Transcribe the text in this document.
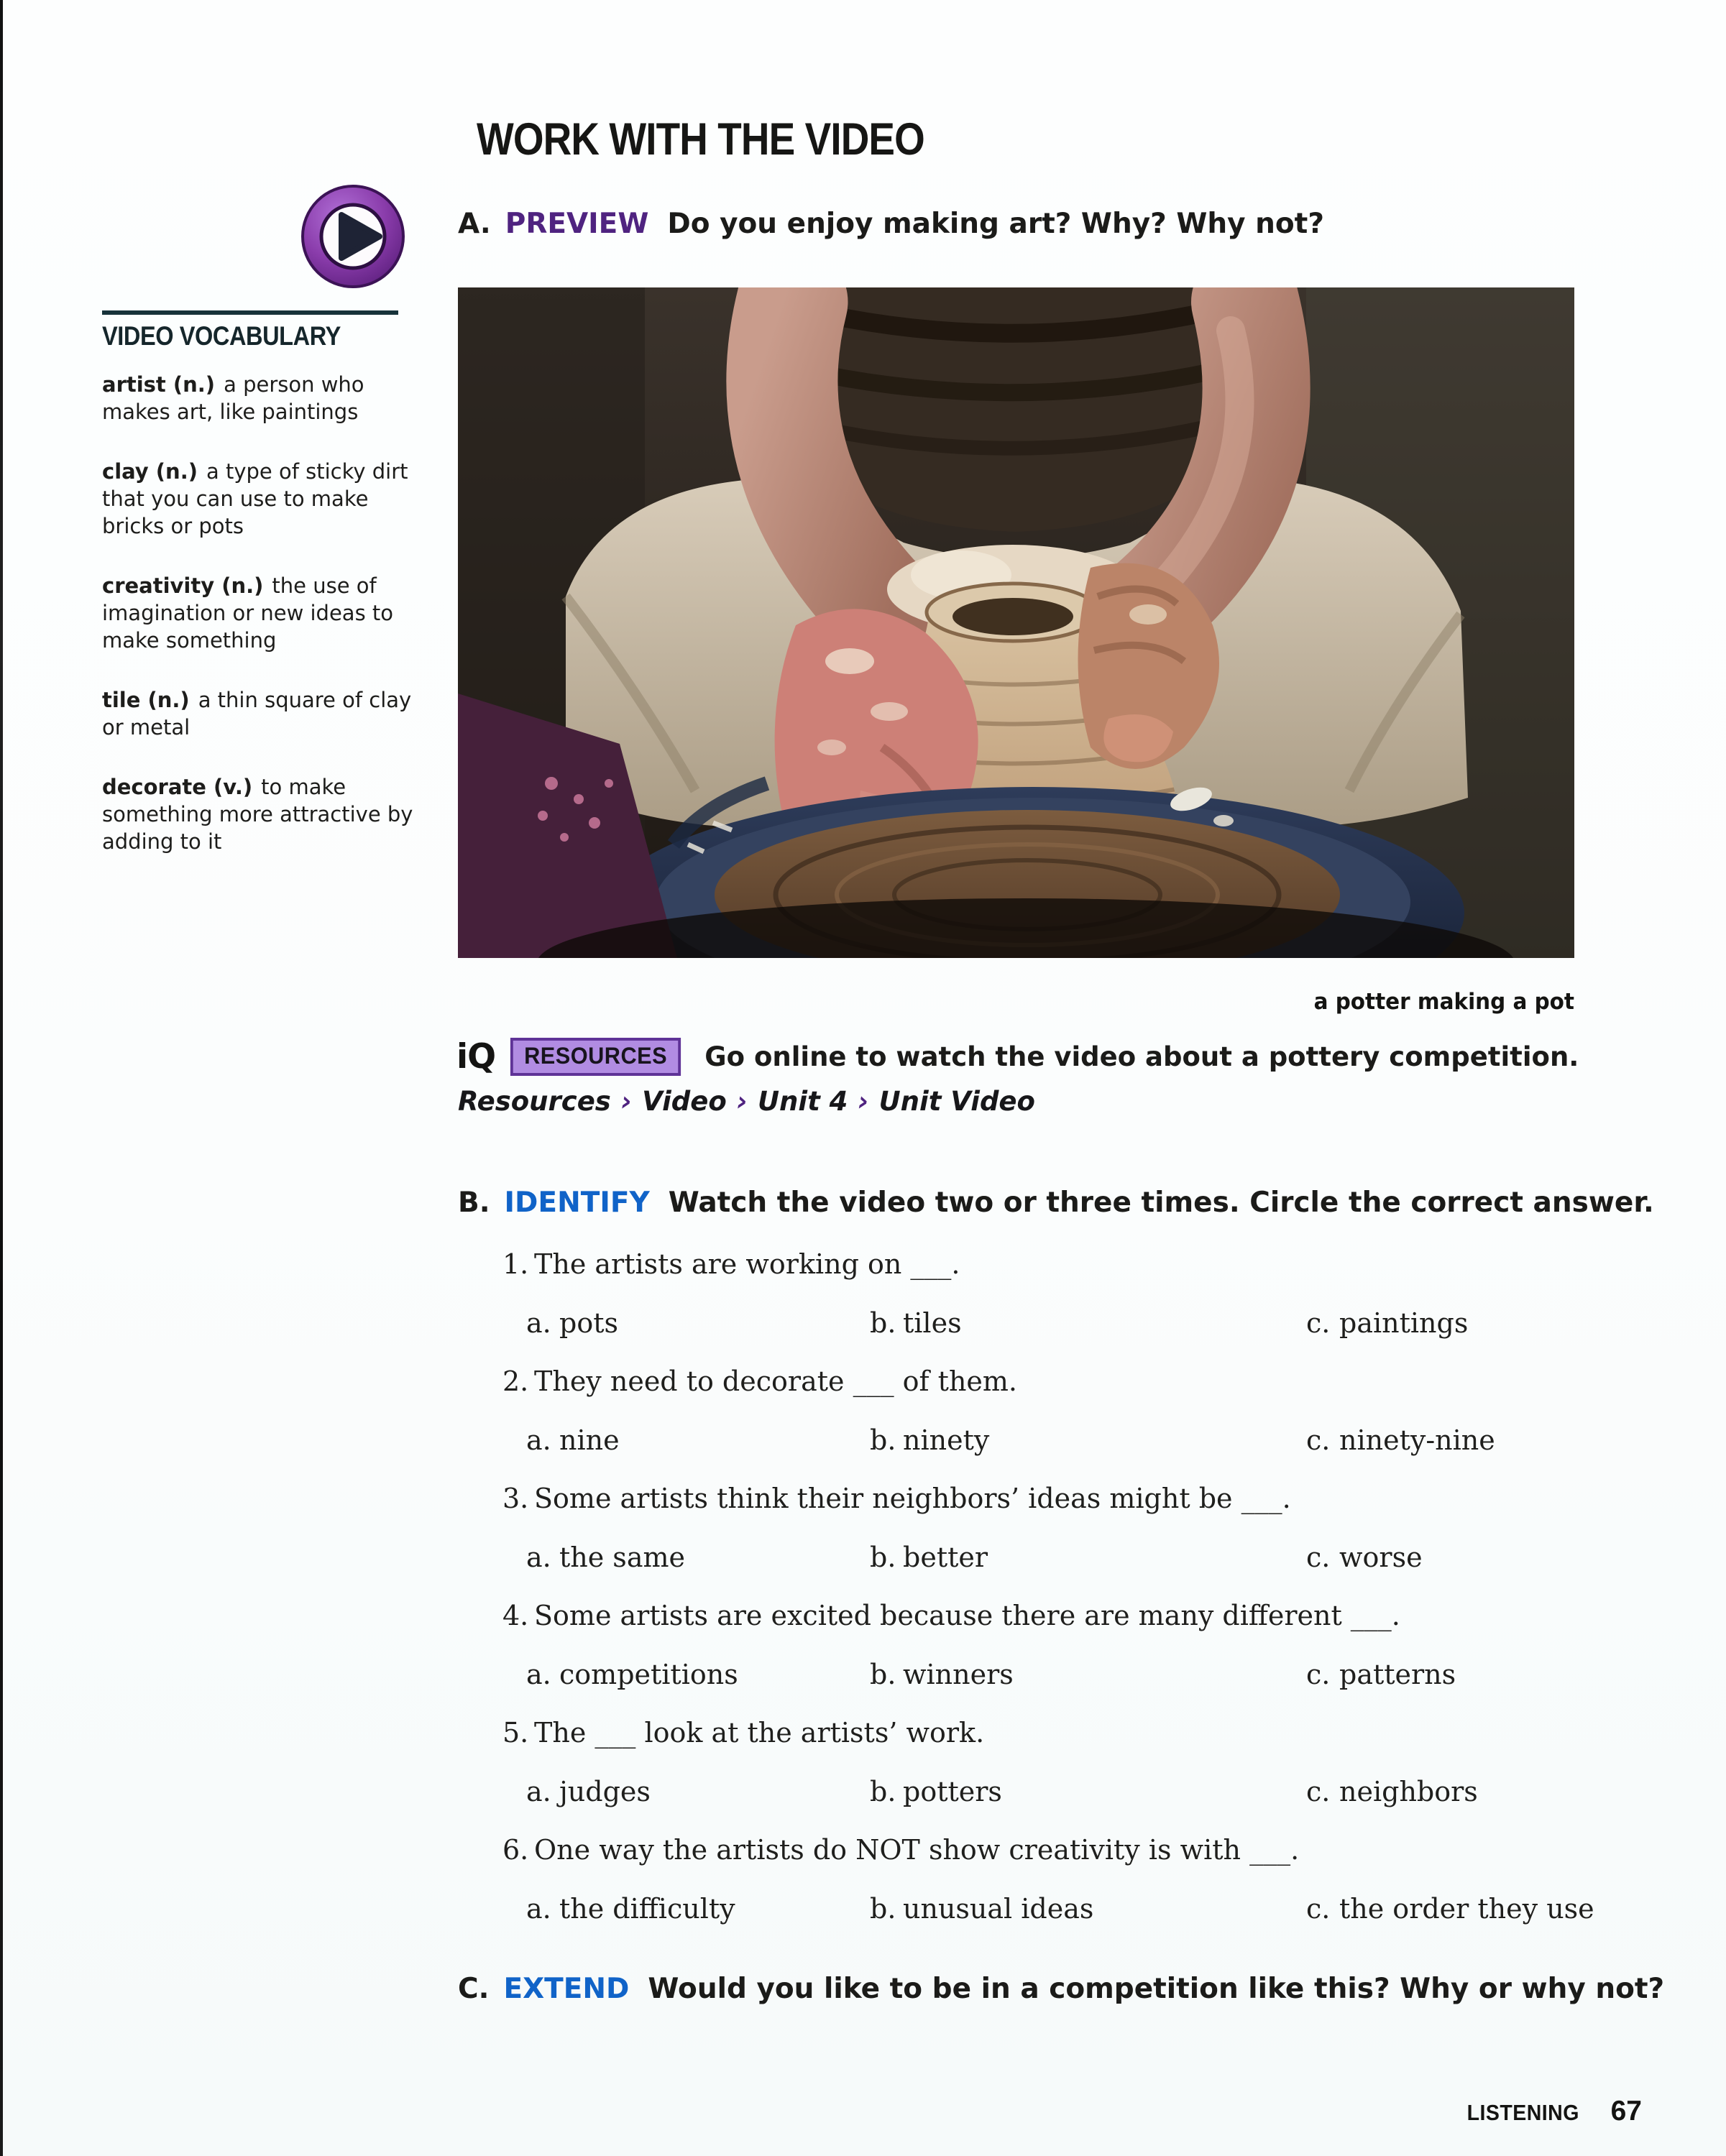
VIDEO VOCABULARY

artist (n.) a person who makes art, like paintings

clay (n.) a type of sticky dirt that you can use to make bricks or pots

creativity (n.) the use of imagination or new ideas to make something

tile (n.) a thin square of clay or metal

decorate (v.) to make something more attractive by adding to it

WORK WITH THE VIDEO

A. PREVIEW Do you enjoy making art? Why? Why not?

a potter making a pot

iQ	RESOURCES	Go online to watch the video about a pottery competition.

Resources › Video › Unit 4 › Unit Video

B. IDENTIFY Watch the video two or three times. Circle the correct answer.

1. The artists are working on ___.
a. pots	b. tiles	c. paintings
2. They need to decorate ___ of them.
a. nine	b. ninety	c. ninety-nine
3. Some artists think their neighbors’ ideas might be ___.
a. the same	b. better	c. worse
4. Some artists are excited because there are many different ___.
a. competitions	b. winners	c. patterns
5. The ___ look at the artists’ work.
a. judges	b. potters	c. neighbors
6. One way the artists do NOT show creativity is with ___.
a. the difficulty	b. unusual ideas	c. the order they use

C. EXTEND Would you like to be in a competition like this? Why or why not?

LISTENING 67
